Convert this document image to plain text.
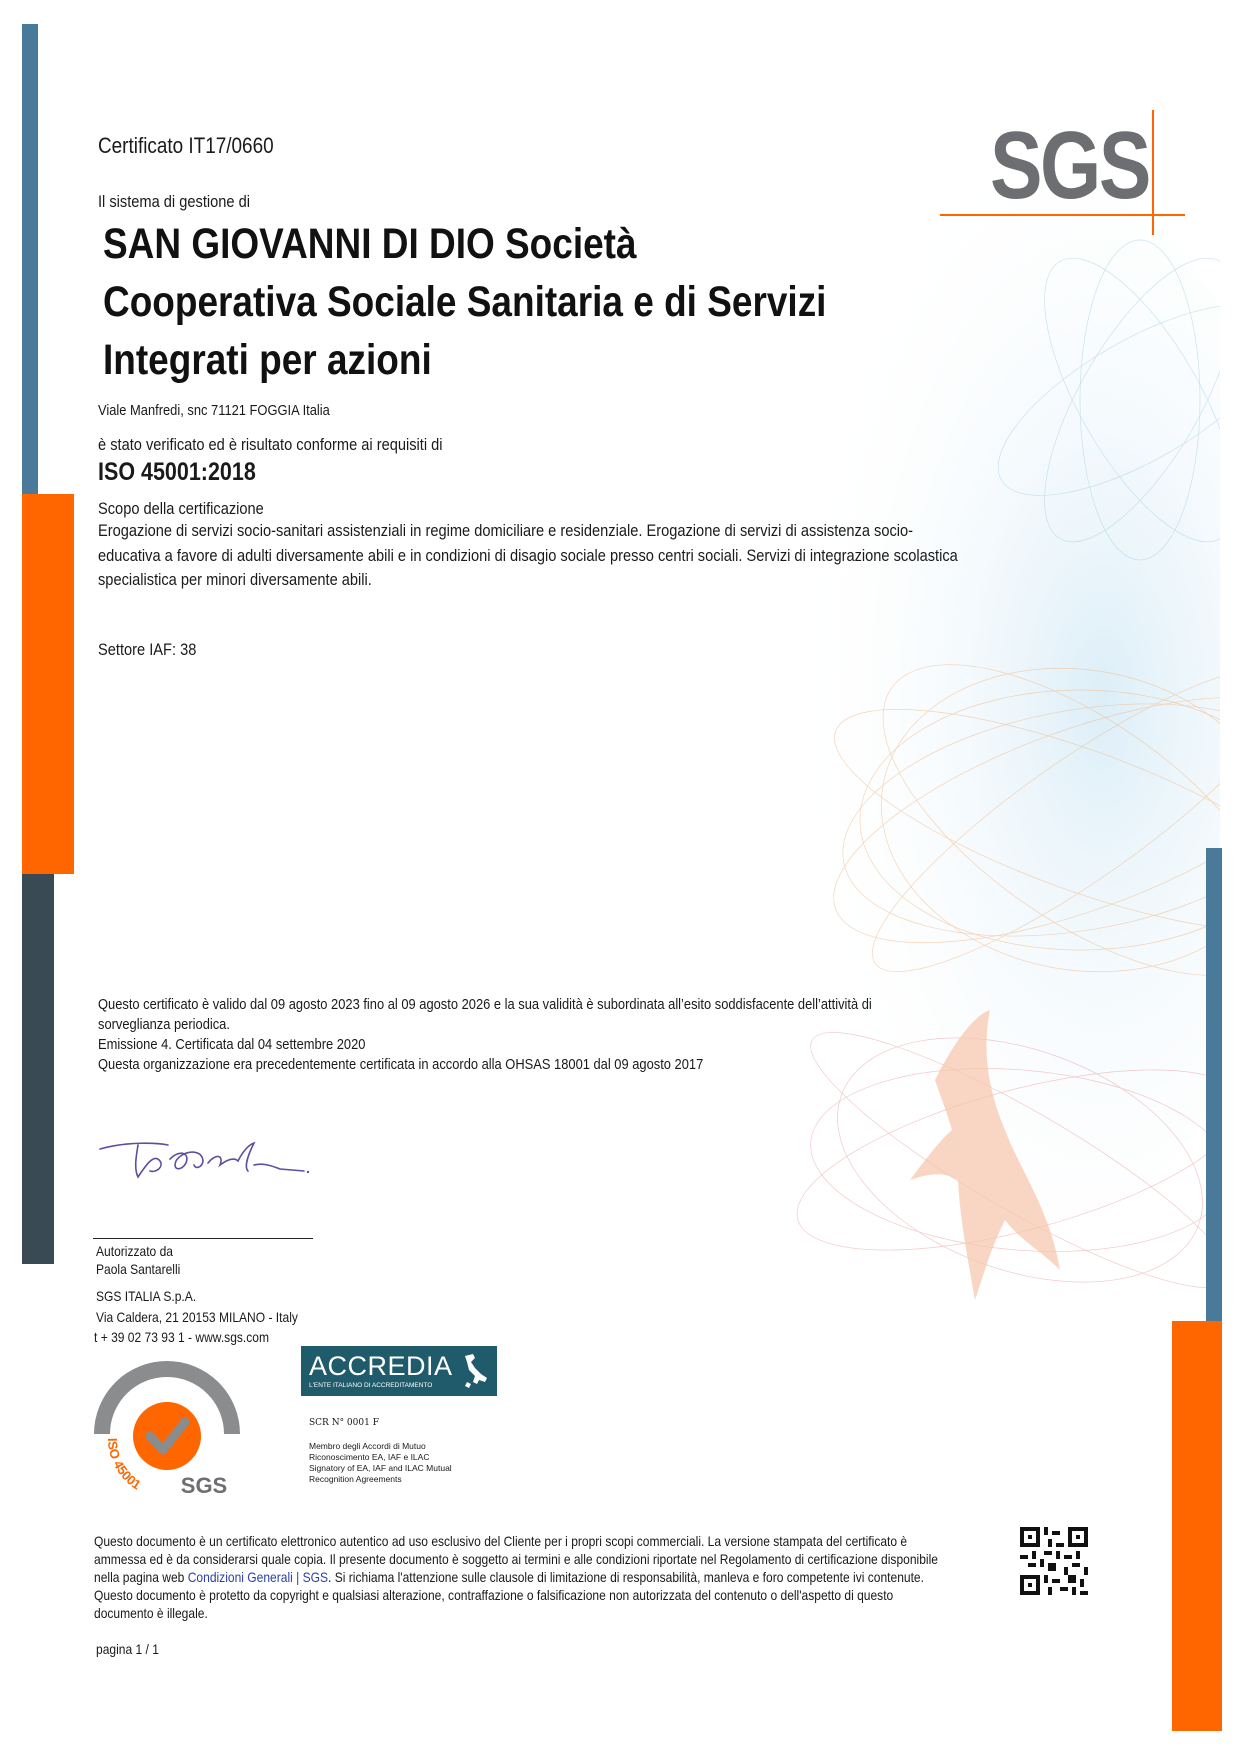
SGS

Certificato IT17/0660

Il sistema di gestione di

SAN GIOVANNI DI DIO Società

Cooperativa Sociale Sanitaria e di Servizi

Integrati per azioni

Viale Manfredi, snc 71121 FOGGIA Italia

è stato verificato ed è risultato conforme ai requisiti di

ISO 45001:2018

Scopo della certificazione

Erogazione di servizi socio-sanitari assistenziali in regime domiciliare e residenziale. Erogazione di servizi di assistenza socio-

educativa a favore di adulti diversamente abili e in condizioni di disagio sociale presso centri sociali. Servizi di integrazione scolastica

specialistica per minori diversamente abili.

Settore IAF: 38

Questo certificato è valido dal 09 agosto 2023 fino al 09 agosto 2026 e la sua validità è subordinata all’esito soddisfacente dell’attività di

sorveglianza periodica.

Emissione 4. Certificata dal 04 settembre 2020

Questa organizzazione era precedentemente certificata in accordo alla OHSAS 18001 dal 09 agosto 2017

Autorizzato da

Paola Santarelli

SGS ITALIA S.p.A.

Via Caldera, 21 20153 MILANO - Italy

t + 39 02 73 93 1 - www.sgs.com

SYSTEM CERTIFICATION
ISO 45001 SGS
ACCREDIA
L'ENTE ITALIANO DI ACCREDITAMENTO

SCR N° 0001 F

Membro degli Accordi di Mutuo

Riconoscimento EA, IAF e ILAC

Signatory of EA, IAF and ILAC Mutual

Recognition Agreements

Questo documento è un certificato elettronico autentico ad uso esclusivo del Cliente per i propri scopi commerciali. La versione stampata del certificato è

ammessa ed è da considerarsi quale copia. Il presente documento è soggetto ai termini e alle condizioni riportate nel Regolamento di certificazione disponibile

nella pagina web Condizioni Generali | SGS. Si richiama l'attenzione sulle clausole di limitazione di responsabilità, manleva e foro competente ivi contenute.

Questo documento è protetto da copyright e qualsiasi alterazione, contraffazione o falsificazione non autorizzata del contenuto o dell'aspetto di questo

documento è illegale.

pagina 1 / 1
